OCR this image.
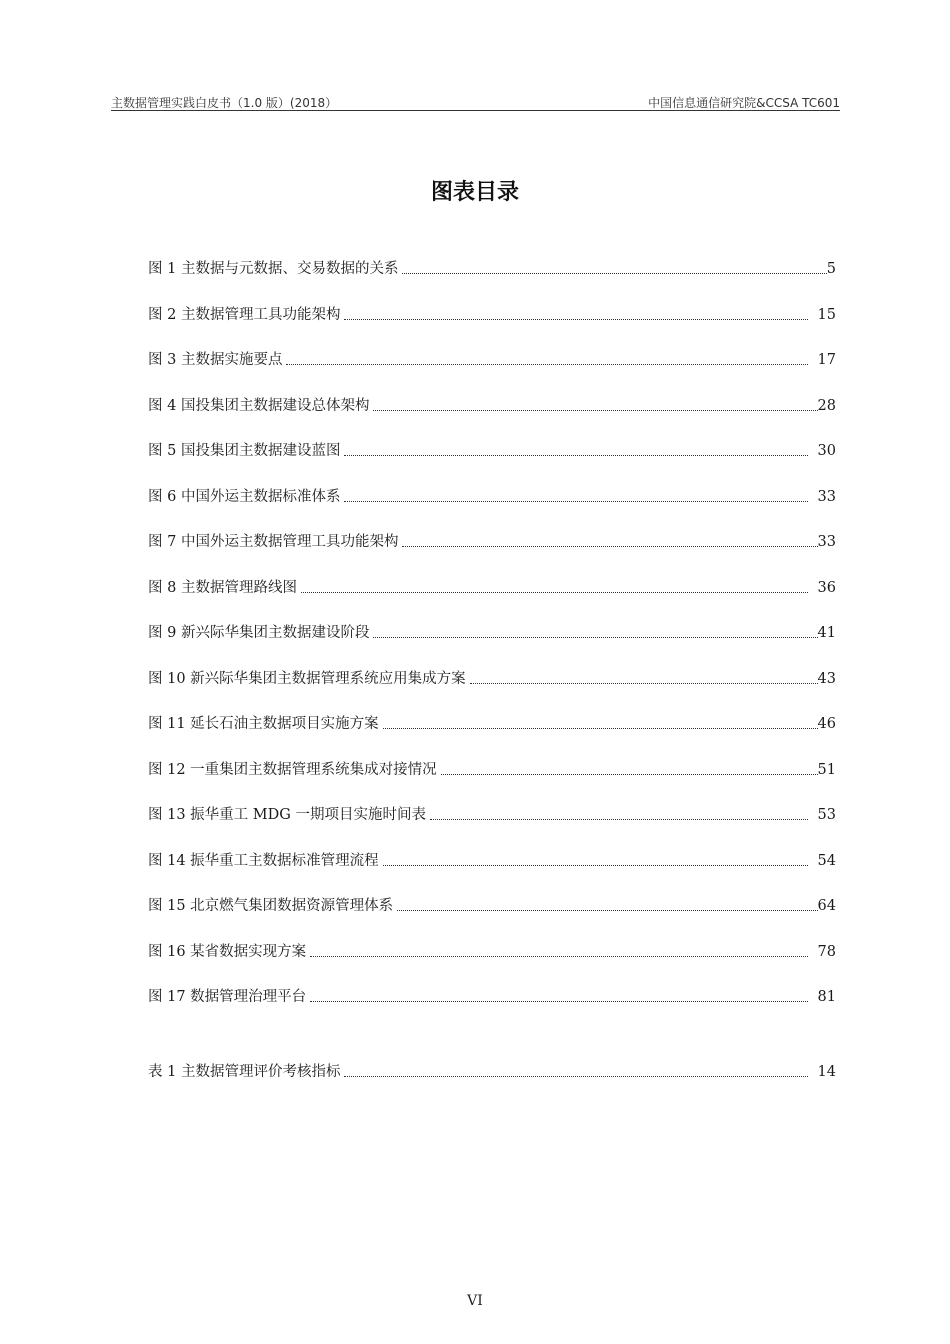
主数据管理实践白皮书（1.0 版）(2018）	中国信息通信研究院&CCSA TC601
图表目录
图 1 主数据与元数据、交易数据的关系	5
图 2 主数据管理工具功能架构	15
图 3 主数据实施要点	17
图 4 国投集团主数据建设总体架构	28
图 5 国投集团主数据建设蓝图	30
图 6 中国外运主数据标准体系	33
图 7 中国外运主数据管理工具功能架构	33
图 8 主数据管理路线图	36
图 9 新兴际华集团主数据建设阶段	41
图 10 新兴际华集团主数据管理系统应用集成方案	43
图 11 延长石油主数据项目实施方案	46
图 12 一重集团主数据管理系统集成对接情况	51
图 13 振华重工 MDG 一期项目实施时间表	53
图 14 振华重工主数据标准管理流程	54
图 15 北京燃气集团数据资源管理体系	64
图 16 某省数据实现方案	78
图 17 数据管理治理平台	81
表 1 主数据管理评价考核指标	14
VI
